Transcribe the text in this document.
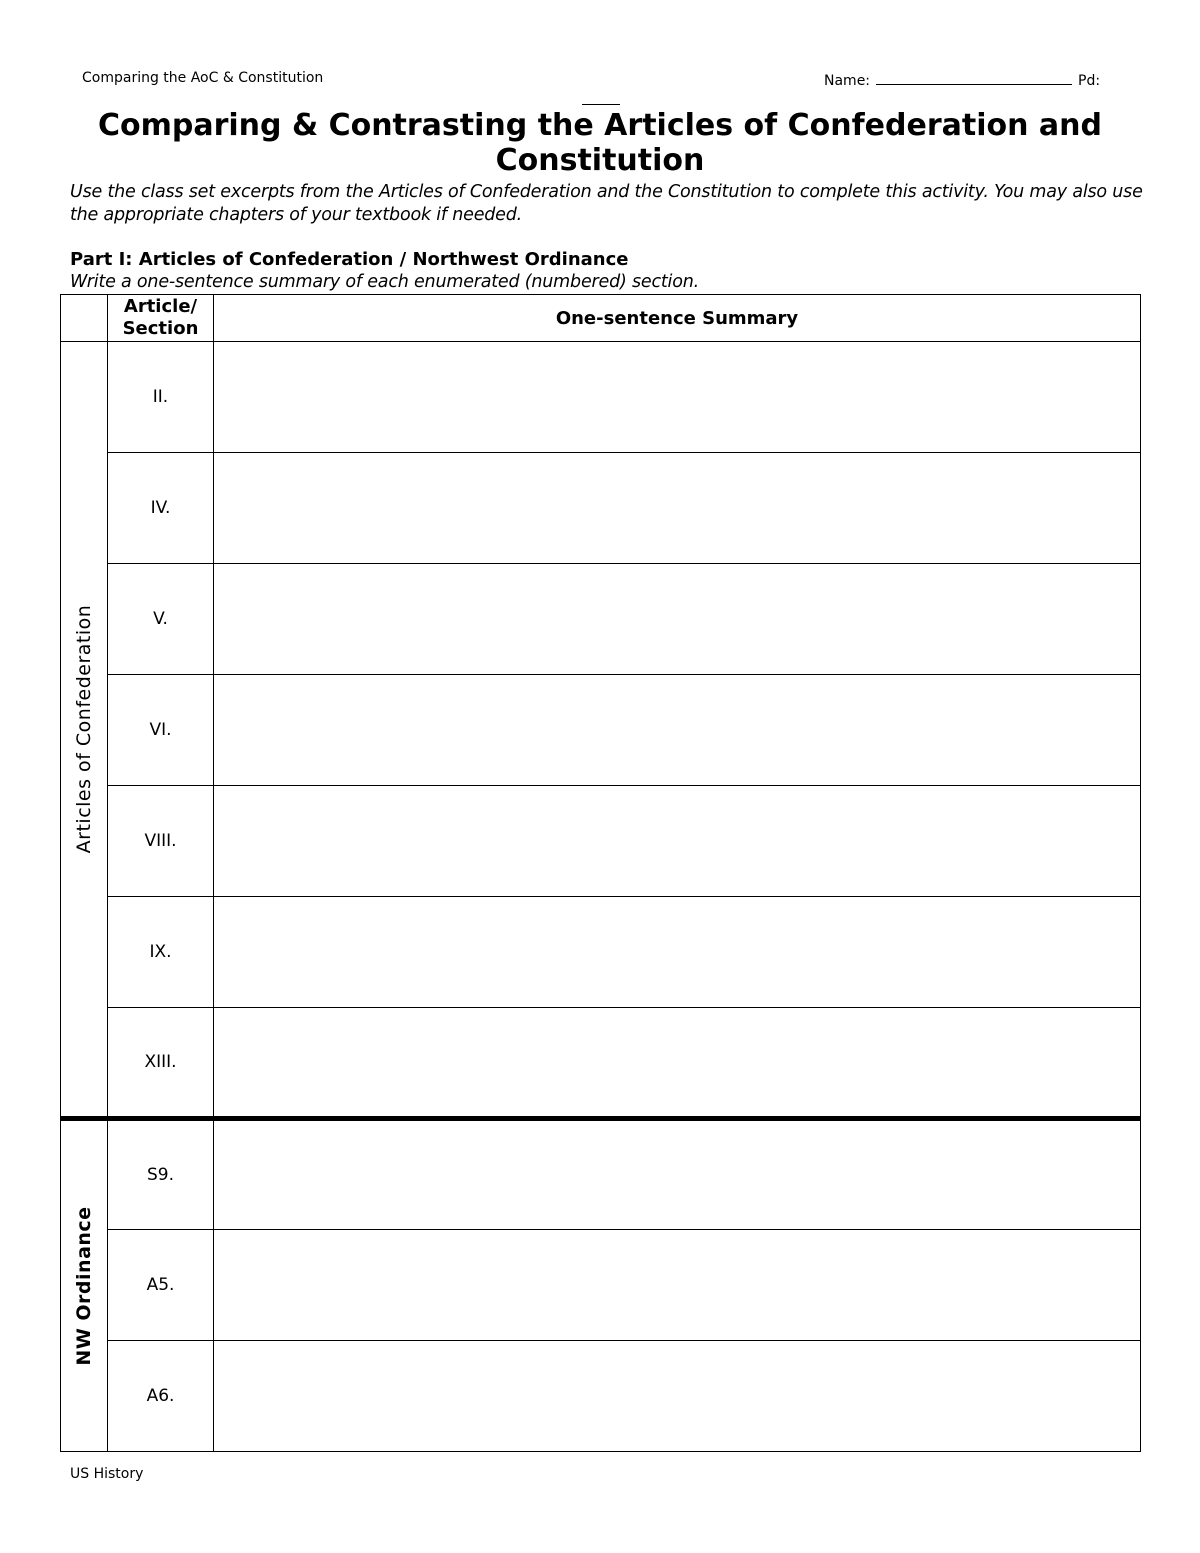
Comparing the AoC & Constitution	Name:	Pd:
Comparing & Contrasting the Articles of Confederation and Constitution
Use the class set excerpts from the Articles of Confederation and the Constitution to complete this activity. You may also use the appropriate chapters of your textbook if needed.
Part I: Articles of Confederation / Northwest Ordinance
Write a one-sentence summary of each enumerated (numbered) section.
	Article/ Section	One-sentence Summary

Articles of Confederation	II.	
	IV.	
	V.	
	VI.	
	VIII.	
	IX.	
	XIII.	

NW Ordinance	S9.	
	A5.	
	A6.	
US History
